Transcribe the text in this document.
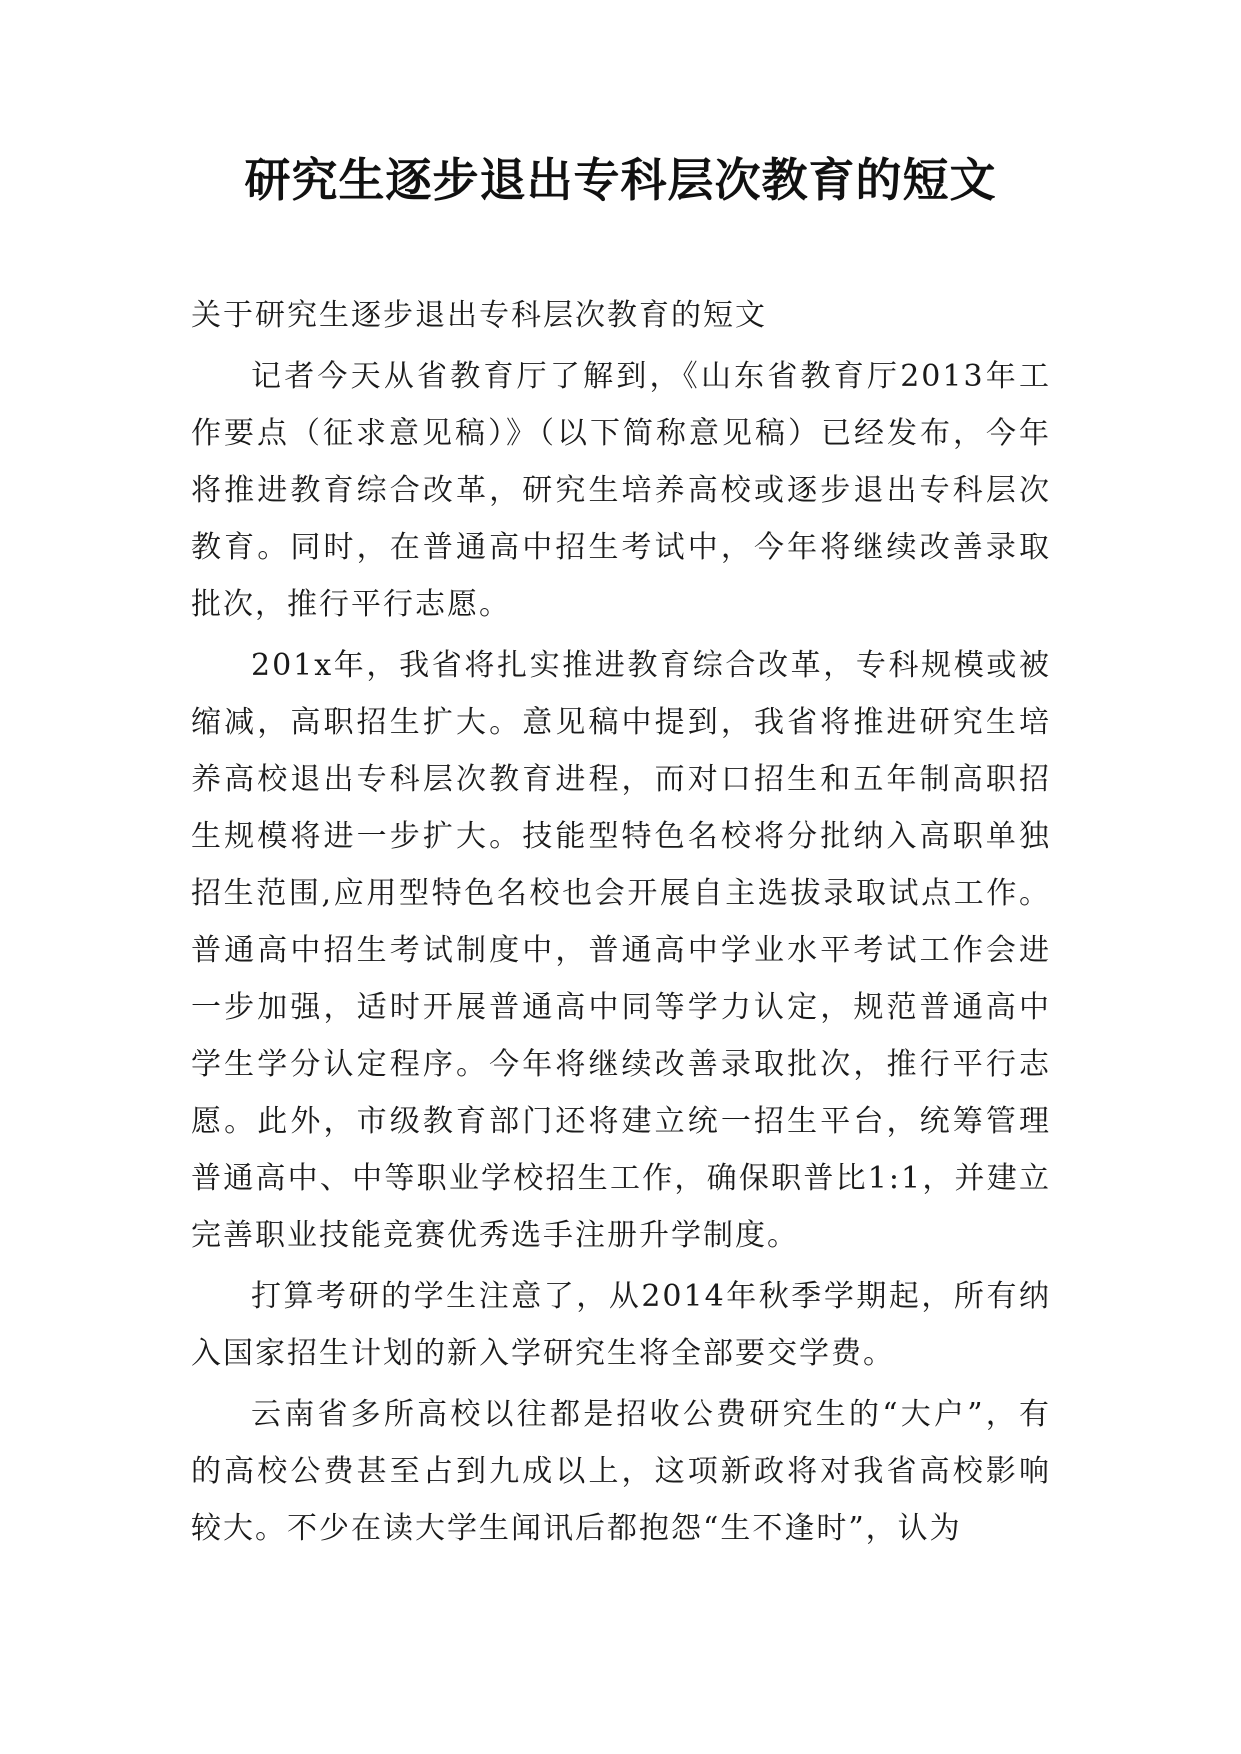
研究生逐步退出专科层次教育的短文

关于研究生逐步退出专科层次教育的短文

记者今天从省教育厅了解到，《山东省教育厅2013年工作要点（征求意见稿）》（以下简称意见稿）已经发布，今年将推进教育综合改革，研究生培养高校或逐步退出专科层次教育。同时，在普通高中招生考试中，今年将继续改善录取批次，推行平行志愿。

201x年，我省将扎实推进教育综合改革，专科规模或被缩减，高职招生扩大。意见稿中提到，我省将推进研究生培养高校退出专科层次教育进程，而对口招生和五年制高职招生规模将进一步扩大。技能型特色名校将分批纳入高职单独招生范围,应用型特色名校也会开展自主选拔录取试点工作。普通高中招生考试制度中，普通高中学业水平考试工作会进一步加强，适时开展普通高中同等学力认定，规范普通高中学生学分认定程序。今年将继续改善录取批次，推行平行志愿。此外，市级教育部门还将建立统一招生平台，统筹管理普通高中、中等职业学校招生工作，确保职普比1:1，并建立完善职业技能竞赛优秀选手注册升学制度。

打算考研的学生注意了，从2014年秋季学期起，所有纳入国家招生计划的新入学研究生将全部要交学费。

云南省多所高校以往都是招收公费研究生的“大户”，有的高校公费甚至占到九成以上，这项新政将对我省高校影响较大。不少在读大学生闻讯后都抱怨“生不逢时”，认为
